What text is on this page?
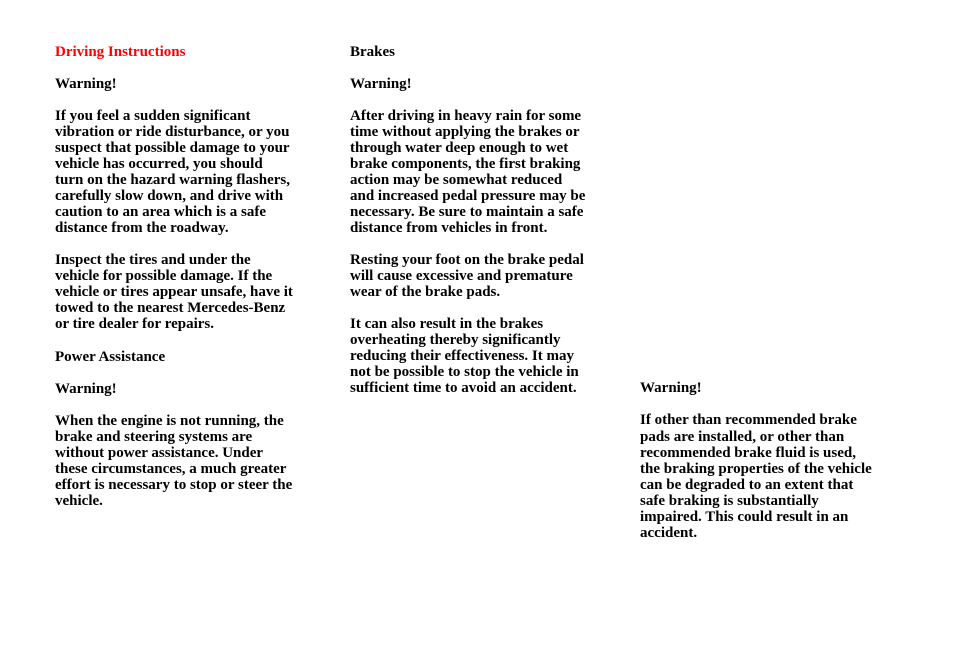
Driving Instructions

Warning!

If you feel a sudden significant

vibration or ride disturbance, or you

suspect that possible damage to your

vehicle has occurred, you should

turn on the hazard warning flashers,

carefully slow down, and drive with

caution to an area which is a safe

distance from the roadway.

Inspect the tires and under the

vehicle for possible damage. If the

vehicle or tires appear unsafe, have it

towed to the nearest Mercedes-Benz

or tire dealer for repairs.

Power Assistance

Warning!

When the engine is not running, the

brake and steering systems are

without power assistance. Under

these circumstances, a much greater

effort is necessary to stop or steer the

vehicle.

Brakes

Warning!

After driving in heavy rain for some

time without applying the brakes or

through water deep enough to wet

brake components, the first braking

action may be somewhat reduced

and increased pedal pressure may be

necessary. Be sure to maintain a safe

distance from vehicles in front.

Resting your foot on the brake pedal

will cause excessive and premature

wear of the brake pads.

It can also result in the brakes

overheating thereby significantly

reducing their effectiveness. It may

not be possible to stop the vehicle in

sufficient time to avoid an accident.	Warning!

If other than recommended brake

pads are installed, or other than

recommended brake fluid is used,

the braking properties of the vehicle

can be degraded to an extent that

safe braking is substantially

impaired. This could result in an

accident.
